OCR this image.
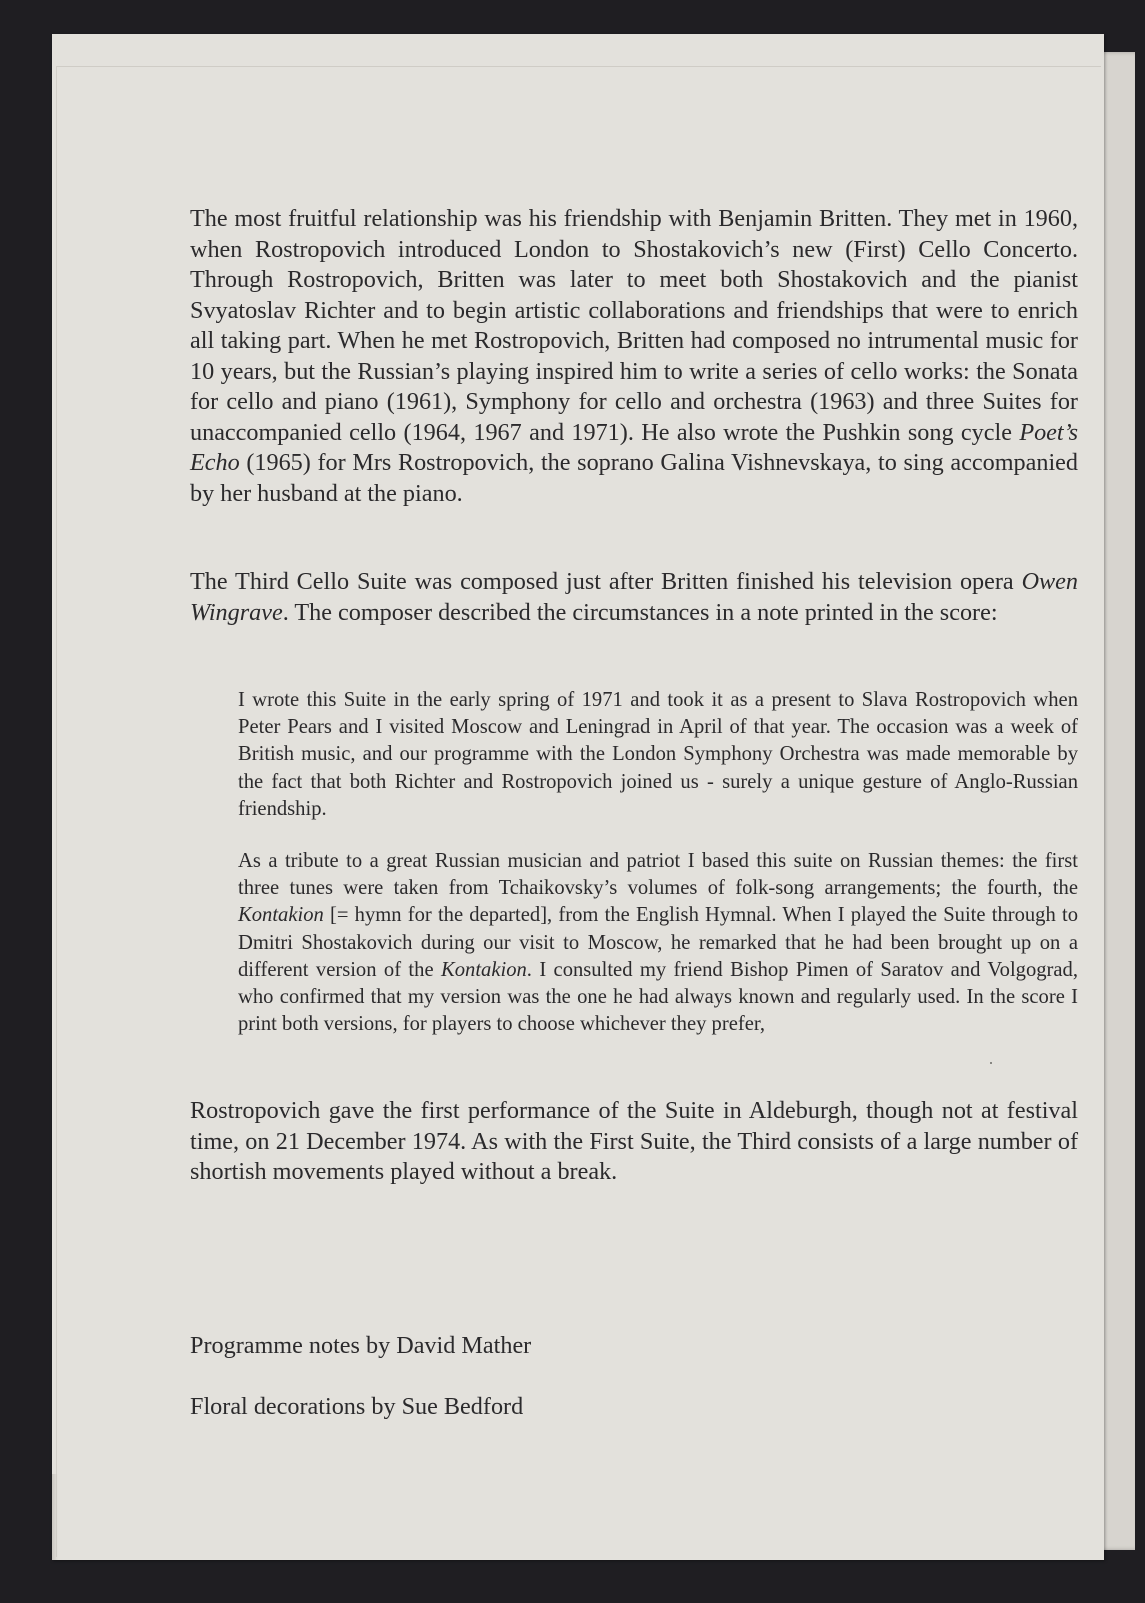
The most fruitful relationship was his friendship with Benjamin Britten. They met in 1960, when Rostropovich introduced London to Shostakovich’s new (First) Cello Concerto. Through Rostropovich, Britten was later to meet both Shostakovich and the pianist Svyatoslav Richter and to begin artistic collaborations and friendships that were to enrich all taking part. When he met Rostropovich, Britten had composed no intrumental music for 10 years, but the Russian’s playing inspired him to write a series of cello works: the Sonata for cello and piano (1961), Symphony for cello and orchestra (1963) and three Suites for unaccompanied cello (1964, 1967 and 1971). He also wrote the Pushkin song cycle Poet’s Echo (1965) for Mrs Rostropovich, the soprano Galina Vishnevskaya, to sing accompanied by her husband at the piano.

The Third Cello Suite was composed just after Britten finished his television opera Owen Wingrave. The composer described the circumstances in a note printed in the score:

I wrote this Suite in the early spring of 1971 and took it as a present to Slava Rostropovich when Peter Pears and I visited Moscow and Leningrad in April of that year. The occasion was a week of British music, and our programme with the London Symphony Orchestra was made memorable by the fact that both Richter and Rostropovich joined us - surely a unique gesture of Anglo-Russian friendship.

As a tribute to a great Russian musician and patriot I based this suite on Russian themes: the first three tunes were taken from Tchaikovsky’s volumes of folk-song arrangements; the fourth, the Kontakion [= hymn for the departed], from the English Hymnal. When I played the Suite through to Dmitri Shostakovich during our visit to Moscow, he remarked that he had been brought up on a different version of the Kontakion. I consulted my friend Bishop Pimen of Saratov and Volgograd, who confirmed that my version was the one he had always known and regularly used. In the score I print both versions, for players to choose whichever they prefer,

Rostropovich gave the first performance of the Suite in Aldeburgh, though not at festival time, on 21 December 1974. As with the First Suite, the Third consists of a large number of shortish movements played without a break.

Programme notes by David Mather

Floral decorations by Sue Bedford
